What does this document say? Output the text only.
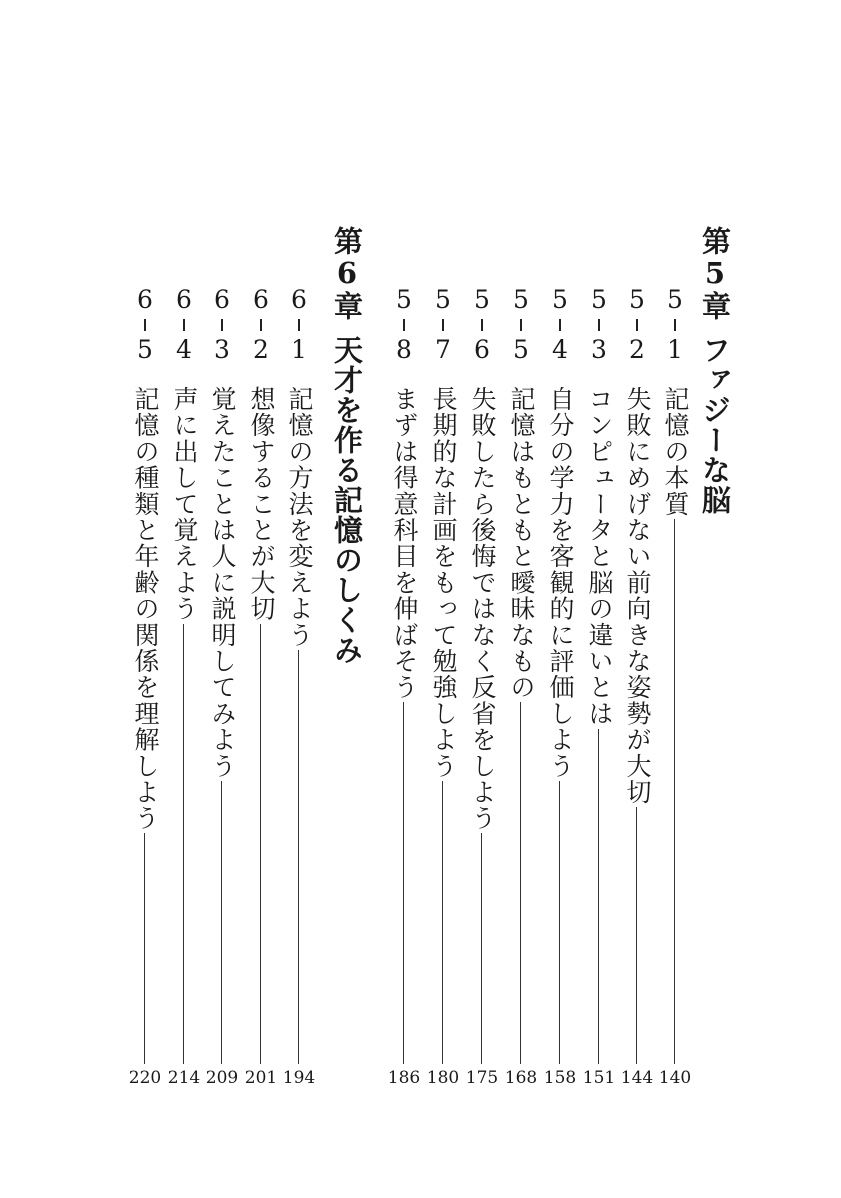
第5章ファジーな脳
第6章天才を作る記憶のしくみ
5
1
記憶の本質
140
5
2
失敗にめげない前向きな姿勢が大切
144
5
3
コンピュータと脳の違いとは
151
5
4
自分の学力を客観的に評価しよう
158
5
5
記憶はもともと曖昧なもの
168
5
6
失敗したら後悔ではなく反省をしよう
175
5
7
長期的な計画をもって勉強しよう
180
5
8
まずは得意科目を伸ばそう
186
6
1
記憶の方法を変えよう
194
6
2
想像することが大切
201
6
3
覚えたことは人に説明してみよう
209
6
4
声に出して覚えよう
214
6
5
記憶の種類と年齢の関係を理解しよう
220
